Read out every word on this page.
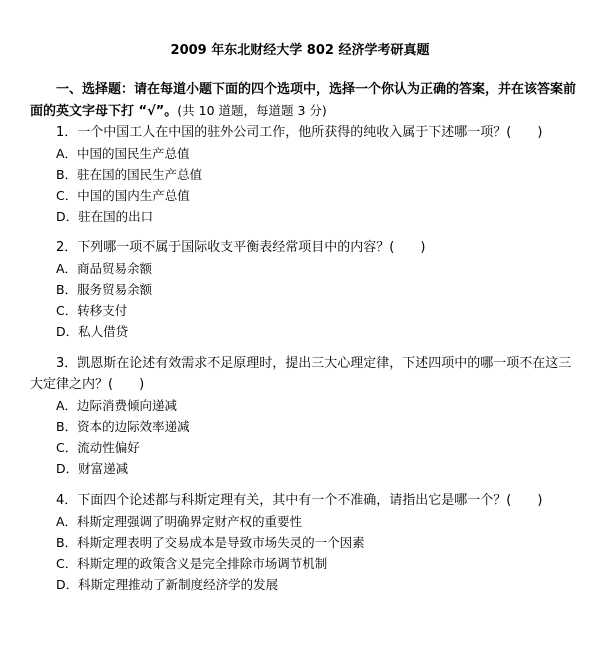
2009 年东北财经大学 802 经济学考研真题
一、选择题：请在每道小题下面的四个选项中，选择一个你认为正确的答案，并在该答案前面的英文字母下打 “√”。(共 10 道题，每道题 3 分)
1．一个中国工人在中国的驻外公司工作，他所获得的纯收入属于下述哪一项？(　　)
A．中国的国民生产总值
B．驻在国的国民生产总值
C．中国的国内生产总值
D．驻在国的出口
2．下列哪一项不属于国际收支平衡表经常项目中的内容？(　　)
A．商品贸易余额
B．服务贸易余额
C．转移支付
D．私人借贷
3．凯恩斯在论述有效需求不足原理时，提出三大心理定律，下述四项中的哪一项不在这三大定律之内？(　　)
A．边际消费倾向递减
B．资本的边际效率递减
C．流动性偏好
D．财富递减
4．下面四个论述都与科斯定理有关，其中有一个不准确，请指出它是哪一个？(　　)
A．科斯定理强调了明确界定财产权的重要性
B．科斯定理表明了交易成本是导致市场失灵的一个因素
C．科斯定理的政策含义是完全排除市场调节机制
D．科斯定理推动了新制度经济学的发展
